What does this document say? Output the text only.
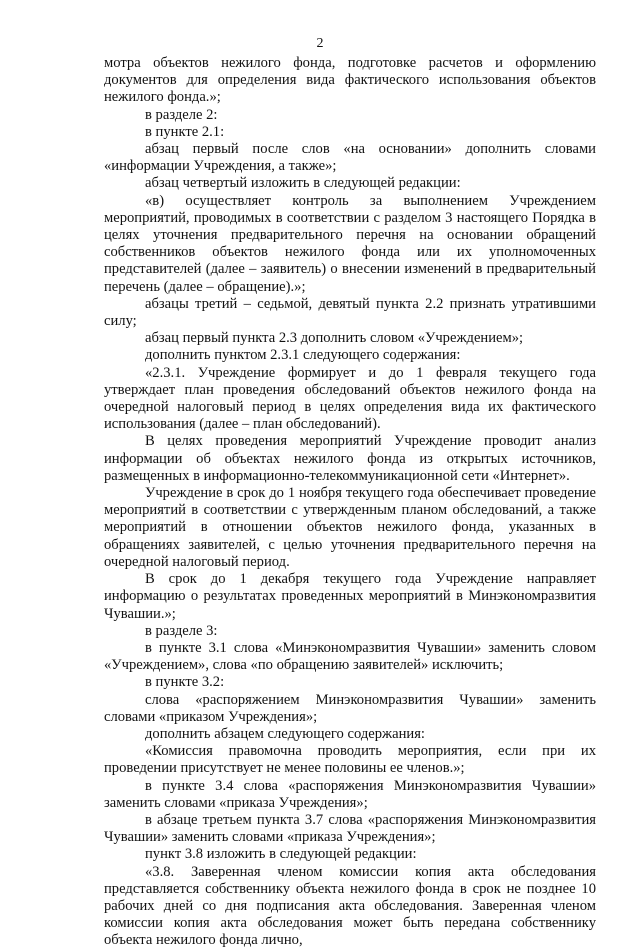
2

мотра объектов нежилого фонда, подготовке расчетов и оформлению документов для определения вида фактического использования объектов нежилого фонда.»;

в разделе 2:

в пункте 2.1:

абзац первый после слов «на основании» дополнить словами «информации Учреждения, а также»;

абзац четвертый изложить в следующей редакции:

«в) осуществляет контроль за выполнением Учреждением мероприятий, проводимых в соответствии с разделом 3 настоящего Порядка в целях уточнения предварительного перечня на основании обращений собственников объектов нежилого фонда или их уполномоченных представителей (далее – заявитель) о внесении изменений в предварительный перечень (далее – обращение).»;

абзацы третий – седьмой, девятый пункта 2.2 признать утратившими силу;

абзац первый пункта 2.3 дополнить словом «Учреждением»;

дополнить пунктом 2.3.1 следующего содержания:

«2.3.1. Учреждение формирует и до 1 февраля текущего года утверждает план проведения обследований объектов нежилого фонда на очередной налоговый период в целях определения вида их фактического использования (далее – план обследований).

В целях проведения мероприятий Учреждение проводит анализ информации об объектах нежилого фонда из открытых источников, размещенных в информационно-телекоммуникационной сети «Интернет».

Учреждение в срок до 1 ноября текущего года обеспечивает проведение мероприятий в соответствии с утвержденным планом обследований, а также мероприятий в отношении объектов нежилого фонда, указанных в обращениях заявителей, с целью уточнения предварительного перечня на очередной налоговый период.

В срок до 1 декабря текущего года Учреждение направляет информацию о результатах проведенных мероприятий в Минэкономразвития Чувашии.»;

в разделе 3:

в пункте 3.1 слова «Минэкономразвития Чувашии» заменить словом «Учреждением», слова «по обращению заявителей» исключить;

в пункте 3.2:

слова «распоряжением Минэкономразвития Чувашии» заменить словами «приказом Учреждения»;

дополнить абзацем следующего содержания:

«Комиссия правомочна проводить мероприятия, если при их проведении присутствует не менее половины ее членов.»;

в пункте 3.4 слова «распоряжения Минэкономразвития Чувашии» заменить словами «приказа Учреждения»;

в абзаце третьем пункта 3.7 слова «распоряжения Минэкономразвития Чувашии» заменить словами «приказа Учреждения»;

пункт 3.8 изложить в следующей редакции:

«3.8. Заверенная членом комиссии копия акта обследования представляется собственнику объекта нежилого фонда в срок не позднее 10 рабочих дней со дня подписания акта обследования. Заверенная членом комиссии копия акта обследования может быть передана собственнику объекта нежилого фонда лично,
